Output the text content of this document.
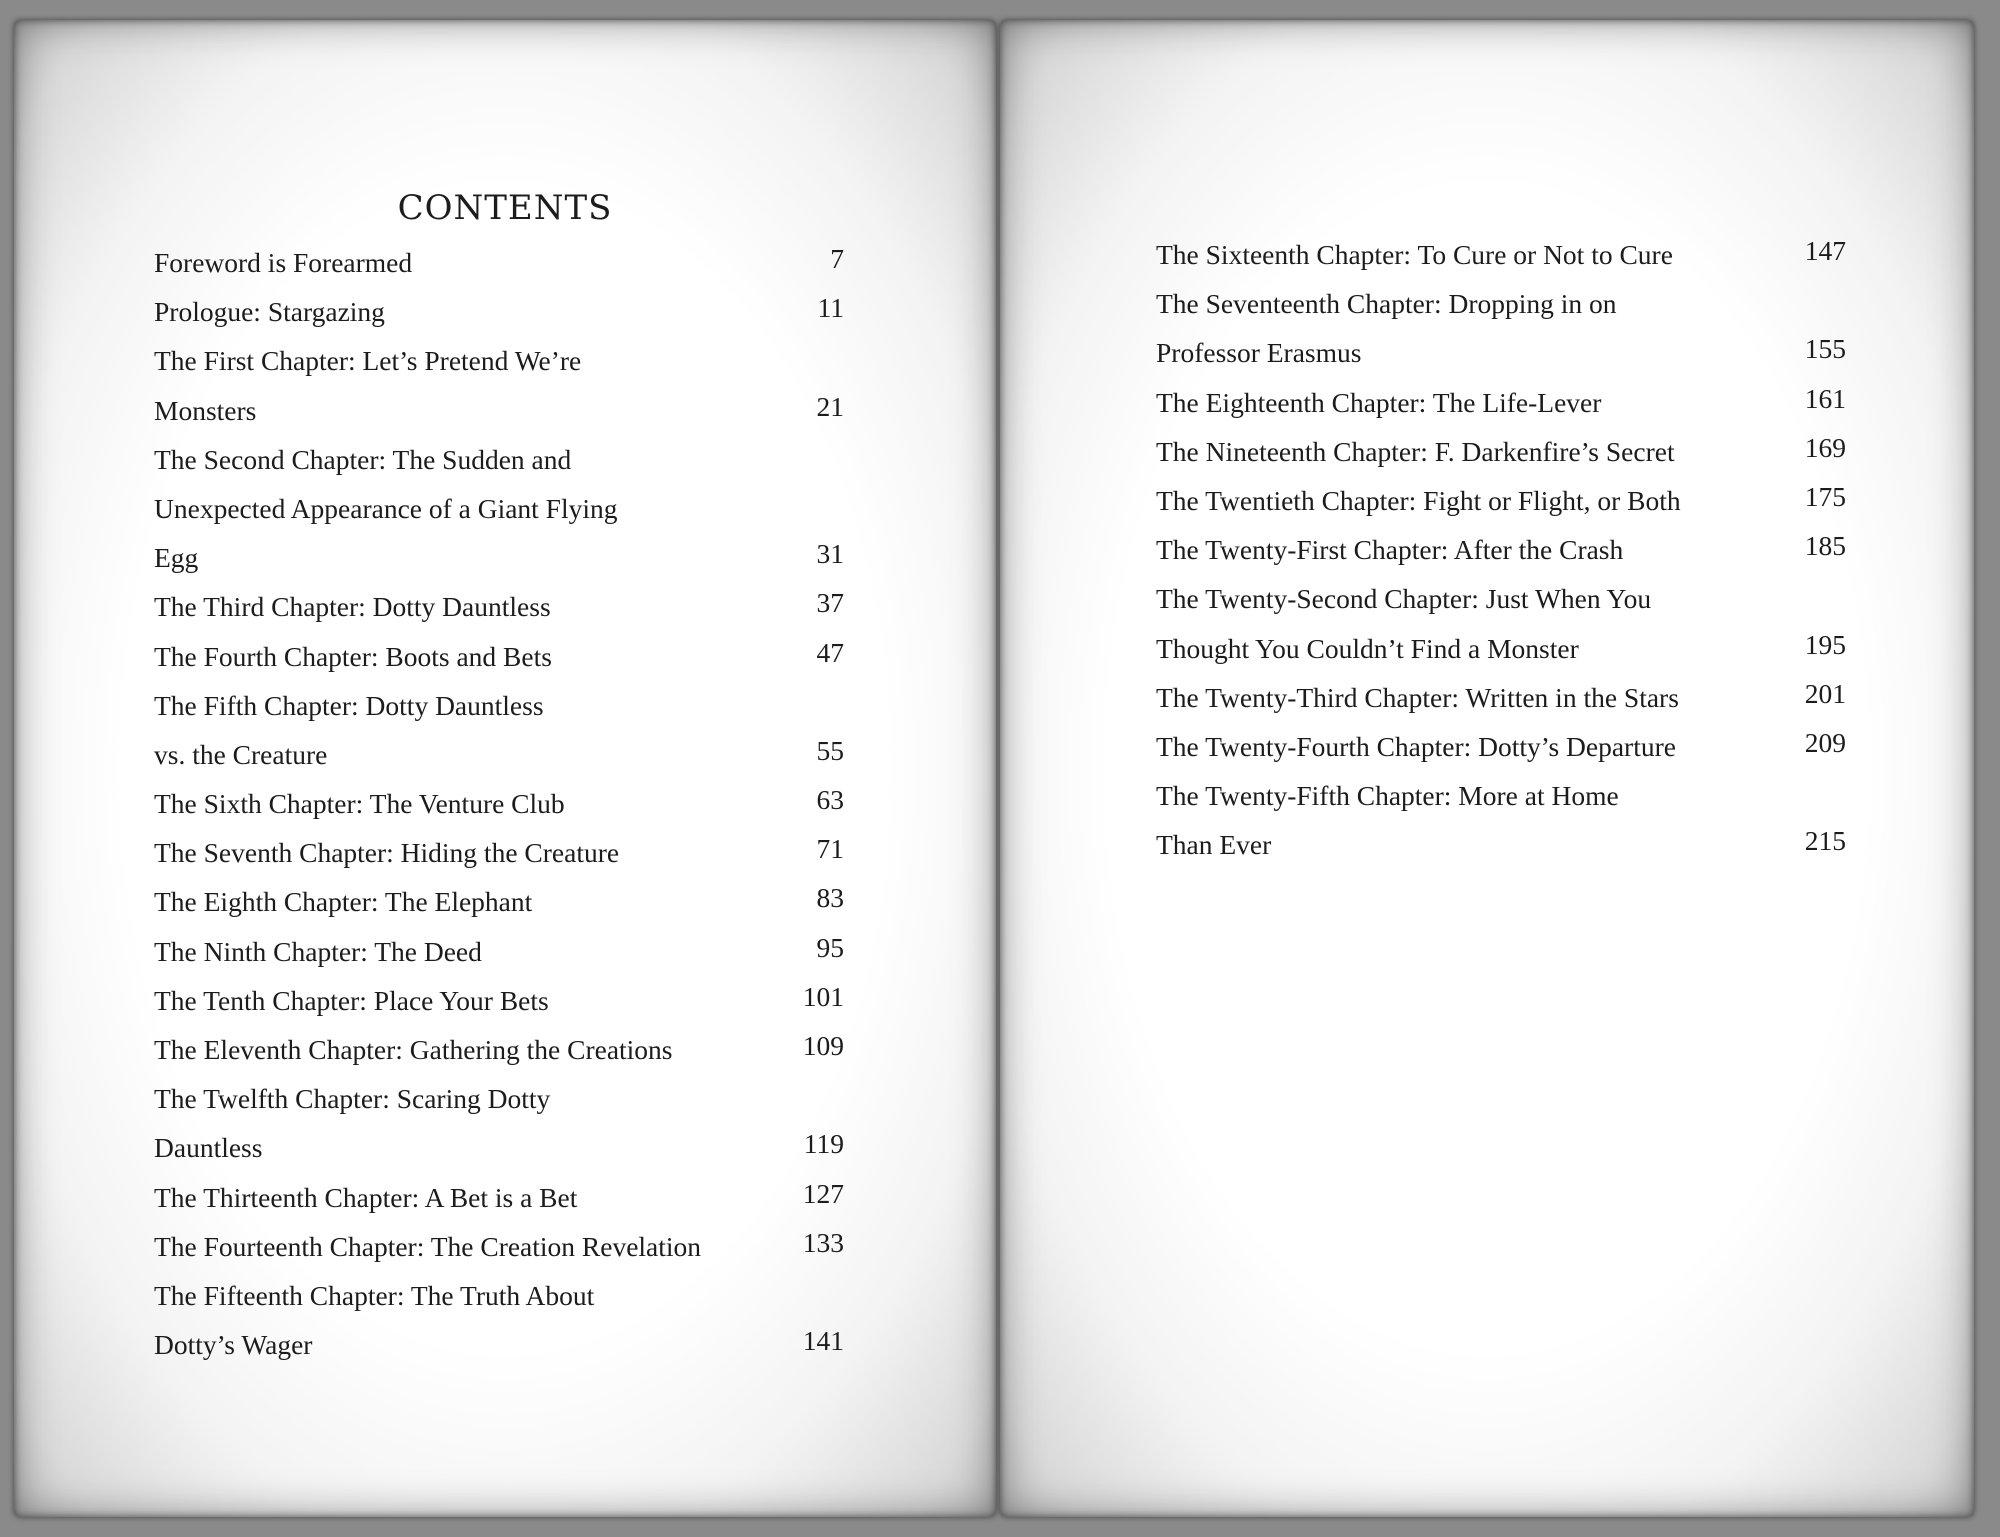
CONTENTS
Foreword is Forearmed	7
Prologue: Stargazing	11
The First Chapter: Let’s Pretend We’re
Monsters	21
The Second Chapter: The Sudden and
Unexpected Appearance of a Giant Flying
Egg	31
The Third Chapter: Dotty Dauntless	37
The Fourth Chapter: Boots and Bets	47
The Fifth Chapter: Dotty Dauntless
vs. the Creature	55
The Sixth Chapter: The Venture Club	63
The Seventh Chapter: Hiding the Creature	71
The Eighth Chapter: The Elephant	83
The Ninth Chapter: The Deed	95
The Tenth Chapter: Place Your Bets	101
The Eleventh Chapter: Gathering the Creations	109
The Twelfth Chapter: Scaring Dotty
Dauntless	119
The Thirteenth Chapter: A Bet is a Bet	127
The Fourteenth Chapter: The Creation Revelation	133
The Fifteenth Chapter: The Truth About
Dotty’s Wager	141
The Sixteenth Chapter: To Cure or Not to Cure	147
The Seventeenth Chapter: Dropping in on
Professor Erasmus	155
The Eighteenth Chapter: The Life-Lever	161
The Nineteenth Chapter: F. Darkenfire’s Secret	169
The Twentieth Chapter: Fight or Flight, or Both	175
The Twenty-First Chapter: After the Crash	185
The Twenty-Second Chapter: Just When You
Thought You Couldn’t Find a Monster	195
The Twenty-Third Chapter: Written in the Stars	201
The Twenty-Fourth Chapter: Dotty’s Departure	209
The Twenty-Fifth Chapter: More at Home
Than Ever	215
